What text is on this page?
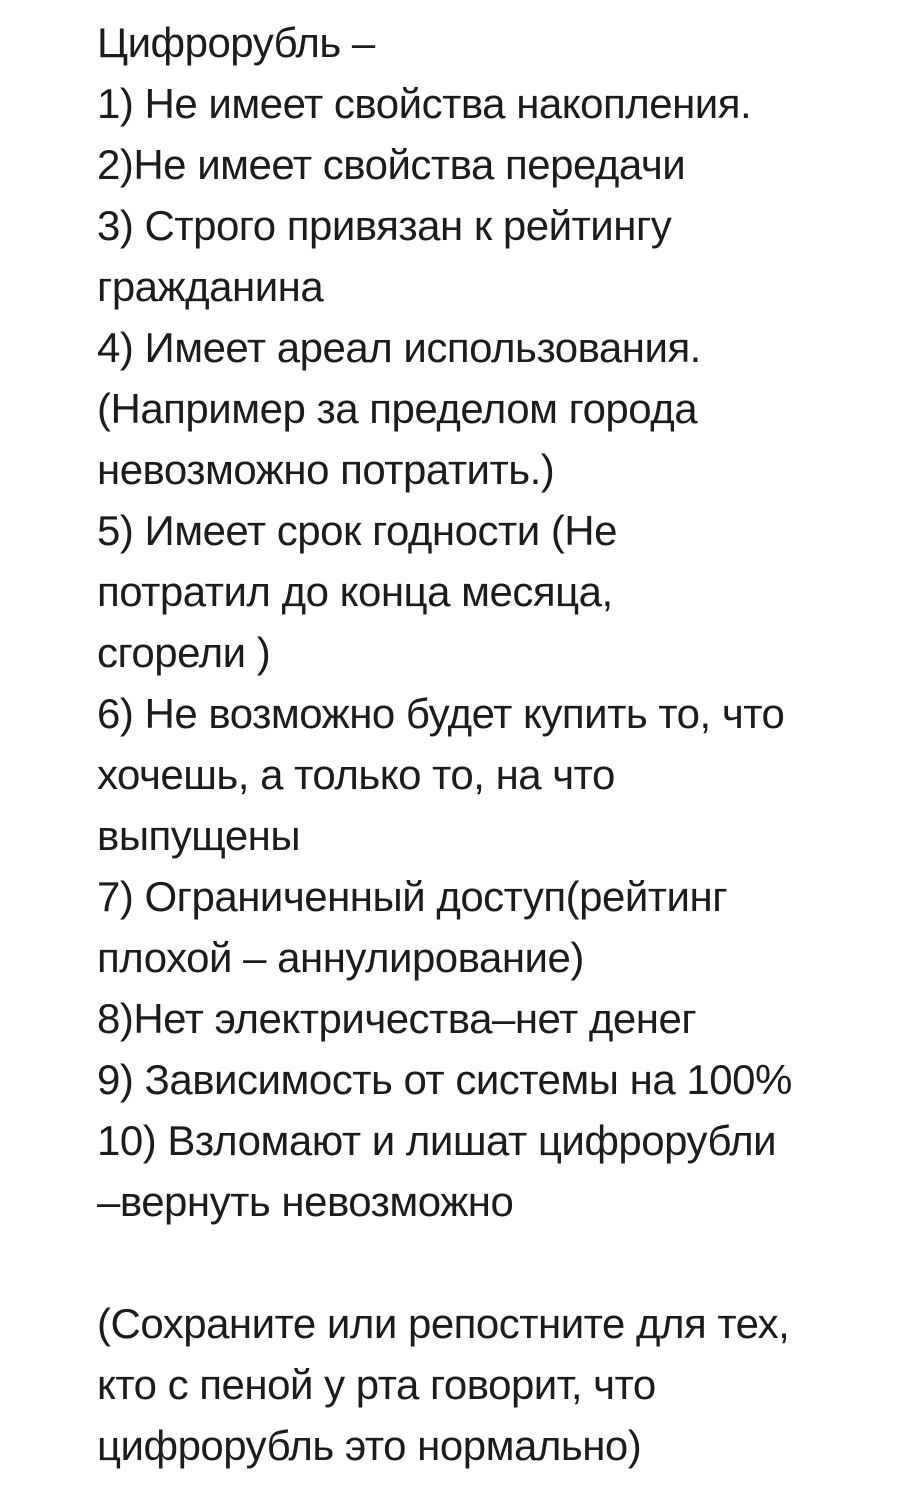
Цифрорубль –
1) Не имеет свойства накопления.
2)Не имеет свойства передачи
3) Строго привязан к рейтингу
гражданина
4) Имеет ареал использования.
(Например за пределом города
невозможно потратить.)
5) Имеет срок годности (Не
потратил до конца месяца,
сгорели )
6) Не возможно будет купить то, что
хочешь, а только то, на что
выпущены
7) Ограниченный доступ(рейтинг
плохой – аннулирование)
8)Нет электричества–нет денег
9) Зависимость от системы на 100%
10) Взломают и лишат цифрорубли
–вернуть невозможно

(Сохраните или репостните для тех,
кто с пеной у рта говорит, что
цифрорубль это нормально)
